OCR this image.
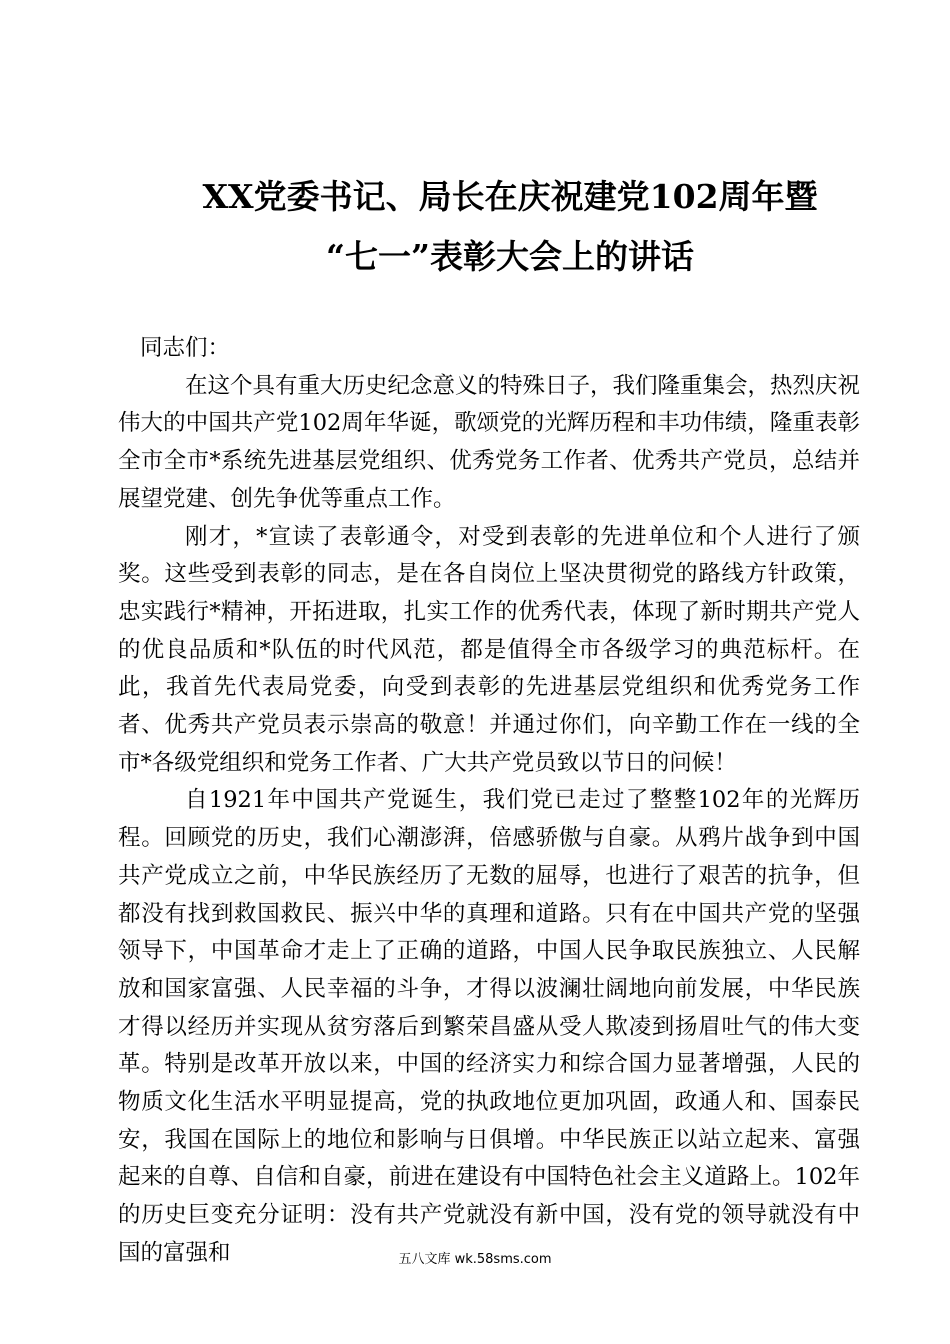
XX党委书记、局长在庆祝建党102周年暨
“七一”表彰大会上的讲话

同志们：

在这个具有重大历史纪念意义的特殊日子，我们隆重集会，热烈庆祝伟大的中国共产党102周年华诞，歌颂党的光辉历程和丰功伟绩，隆重表彰全市全市*系统先进基层党组织、优秀党务工作者、优秀共产党员，总结并展望党建、创先争优等重点工作。

刚才，*宣读了表彰通令，对受到表彰的先进单位和个人进行了颁奖。这些受到表彰的同志，是在各自岗位上坚决贯彻党的路线方针政策，忠实践行*精神，开拓进取，扎实工作的优秀代表，体现了新时期共产党人的优良品质和*队伍的时代风范，都是值得全市各级学习的典范标杆。在此，我首先代表局党委，向受到表彰的先进基层党组织和优秀党务工作者、优秀共产党员表示崇高的敬意！并通过你们，向辛勤工作在一线的全市*各级党组织和党务工作者、广大共产党员致以节日的问候！

自1921年中国共产党诞生，我们党已走过了整整102年的光辉历程。回顾党的历史，我们心潮澎湃，倍感骄傲与自豪。从鸦片战争到中国共产党成立之前，中华民族经历了无数的屈辱，也进行了艰苦的抗争，但都没有找到救国救民、振兴中华的真理和道路。只有在中国共产党的坚强领导下，中国革命才走上了正确的道路，中国人民争取民族独立、人民解放和国家富强、人民幸福的斗争，才得以波澜壮阔地向前发展，中华民族才得以经历并实现从贫穷落后到繁荣昌盛从受人欺凌到扬眉吐气的伟大变革。特别是改革开放以来，中国的经济实力和综合国力显著增强，人民的物质文化生活水平明显提高，党的执政地位更加巩固，政通人和、国泰民安，我国在国际上的地位和影响与日俱增。中华民族正以站立起来、富强起来的自尊、自信和自豪，前进在建设有中国特色社会主义道路上。102年的历史巨变充分证明：没有共产党就没有新中国，没有党的领导就没有中国的富强和	五八文库 wk.58sms.com
